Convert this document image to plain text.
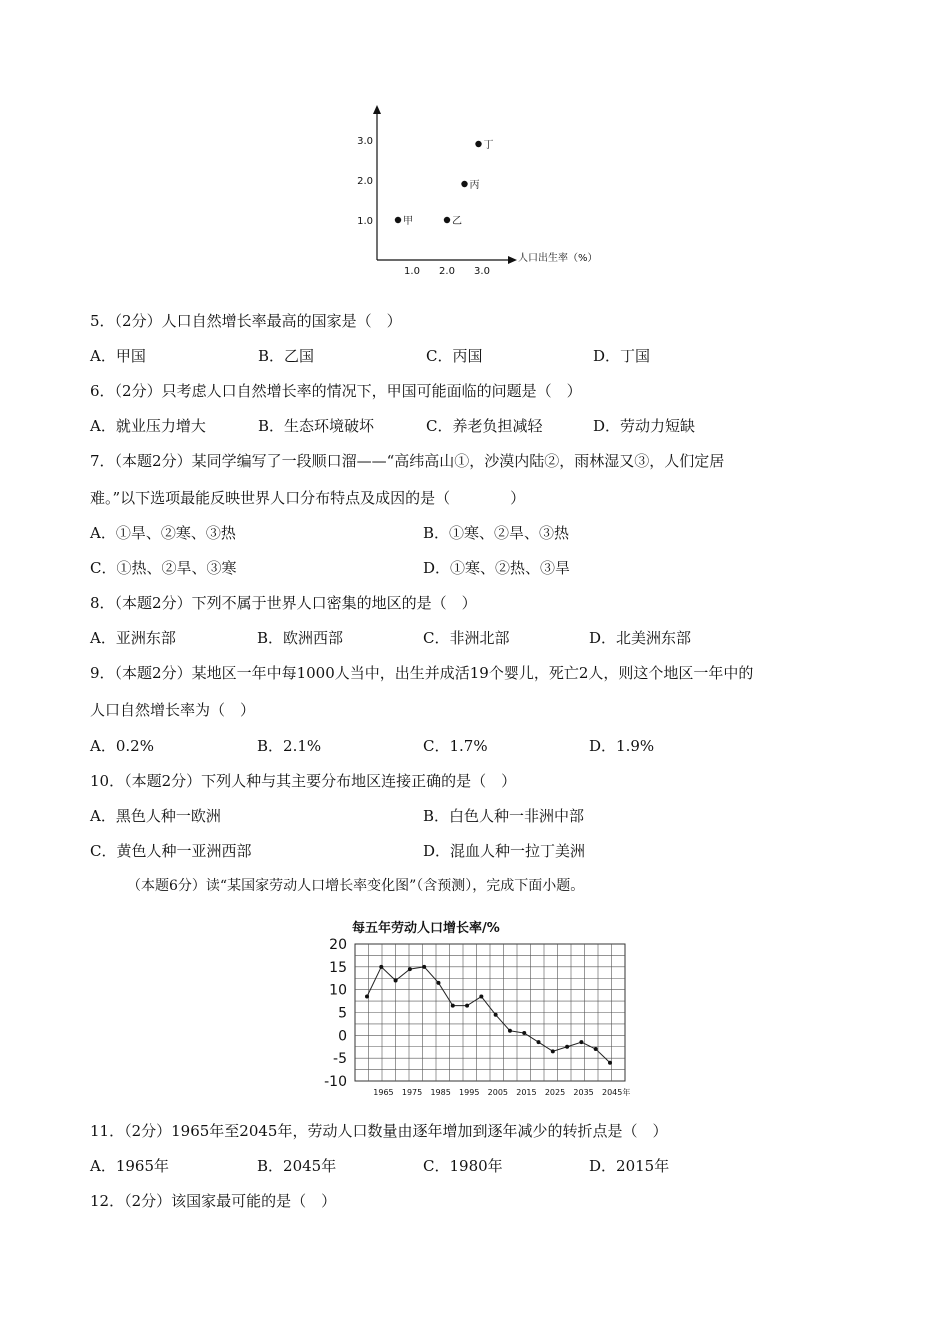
1.0 2.0 3.0
1.0
2.0
3.0
甲	乙
丙
丁
人口出生率（%）
5．（2分）人口自然增长率最高的国家是（　）
A．甲国	B．乙国	C．丙国	D．丁国
6．（2分）只考虑人口自然增长率的情况下，甲国可能面临的问题是（　）
A．就业压力增大	B．生态环境破坏	C．养老负担减轻	D．劳动力短缺
7．（本题2分）某同学编写了一段顺口溜——“高纬高山①，沙漠内陆②，雨林湿又③，人们定居
难。”以下选项最能反映世界人口分布特点及成因的是（　　　　）
A．①旱、②寒、③热	B．①寒、②旱、③热
C．①热、②旱、③寒	D．①寒、②热、③旱
8．（本题2分）下列不属于世界人口密集的地区的是（　）
A．亚洲东部	B．欧洲西部	C．非洲北部	D．北美洲东部
9．（本题2分）某地区一年中每1000人当中，出生并成活19个婴儿，死亡2人，则这个地区一年中的
人口自然增长率为（　）
A．0.2%	B．2.1%	C．1.7%	D．1.9%
10．（本题2分）下列人种与其主要分布地区连接正确的是（　）
A．黑色人种一欧洲	B．白色人种一非洲中部
C．黄色人种一亚洲西部	D．混血人种一拉丁美洲
（本题6分）读“某国家劳动人口增长率变化图”（含预测），完成下面小题。
每五年劳动人口增长率/%
20
15
10
5
0
-5
-10
1965 1975 1985 1995 2005 2015 2025 2035 2045年
11．（2分）1965年至2045年，劳动人口数量由逐年增加到逐年减少的转折点是（　）
A．1965年	B．2045年	C．1980年	D．2015年
12．（2分）该国家最可能的是（　）
